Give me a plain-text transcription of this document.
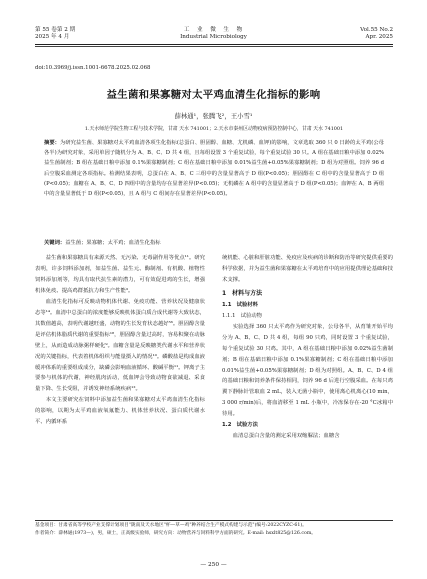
第 55 卷第 2 期
2025 年 4 月
工　业　微　生　物
Industrial Microbiology
Vol.55 No.2
Apr. 2025
doi:10.3969/j.issn.1001-6678.2025.02.068
益生菌和果寡糖对太平鸡血清生化指标的影响
薛林通¹，张腾飞²，王小雪¹
1.天水师范学院生物工程与技术学院，甘肃 天水 741001；2.天水市秦州区动物疫病预防控制中心，甘肃 天水 741001
摘要：为研究益生菌、果寡糖对太平鸡血清各项生化指标(总蛋白、胆固醇、血糖、尤机磷、血钾)的影响，文章选取 360 只 0 日龄的太平鸡(公母各半)为研究对象，采用单因子随机分为 A、B、C、D 共 4 组，且每组设置 3 个重复试验，每个重复试验 30 只。A 组在基础日粮中添加 0.02%益生菌制剂；B 组在基础日粮中添加 0.1%果寡糖制剂；C 组在基础日粮中添加 0.01%益生菌+0.05%果寡糖制剂；D 组为对照组。饲养 96 d 后空腹采血测定各项指标。检测结果表明，总蛋白在 A、B、C 三组中的含量显著高于 D 组(P<0.05)；胆固醇在 C 组中的含量显著高于 D 组(P<0.05)；血糖在 A、B、C、D 四组中的含量均存在显著差异(P<0.05)；无机磷在 A 组中的含量显著高于 D 组(P<0.05)；血钾在 A、B 两组中的含量显著低于 D 组(P<0.05)，且 A 组与 C 组间存在显著差异(P<0.05)。
关键词：益生菌；果寡糖；太平鸡；血清生化指标

益生菌和果寡糖具有来源天然、无污染、无毒副作用等优点¹¹。研究表明，许多饲料添加剂，如益生菌、益生元、酶制剂、有机酸、植物性饲料添加剂等，均具有取代抗生素的潜力，可有效促进鸡的生长，增强机体免疫、提高鸡群抵抗力和生产性能³。

血清生化指标可反映动物机体代谢、免疫功能、营养状况及健康状态等¹⁴。血清中总蛋白的浓度能够反映机体蛋白质合成代谢等大致状态，其数值越高，表明代谢越旺盛，动物的生长发育状态越好⁵⁶。胆固醇含量是评估机体脂质代谢的重要指标¹⁸，胆固醇含量过高时，容易积聚在动脉壁上，从而造成动脉粥样硬化⁹。血糖含量是反映糖类代谢水平和营养状况的关键指标，代表着机体组织与能量摄入的情况¹⁰。磷酸盐是构成血液缓冲体系的重要组成成分，缺磷会影响血液循环、酸碱平衡¹¹。钾离子主要参与机体的代谢，神经肌肉活动，低血钾会导致动物食欲减退、采食量下降、生长受阻，并诱发神经系统疾病¹²。

本文主要研究在饲料中添加益生菌和果寡糖对太平鸡血清生化指标的影响，以期为太平鸡血液氧氟能力、机体营养状况、蛋白质代谢水平、内循环系

统机能、心脏和肝脏功能、免疫应及疾病的诊断和防治等研究提供重要的科学依据，并为益生菌和果寡糖在太平鸡培育中的应用提供理论基础和技术支撑。

1　材料与方法

1.1　试验材料

1.1.1　试验动物

实验选择 360 只太平鸡作为研究对象，公母各半，从育雏开始平均分为 A、B、C、D 共 4 组，每组 90 只鸡，同时设置 3 个重复试验，每个重复试验 30 只鸡。其中，A 组在基础日粮中添加 0.02%益生菌制剂；B 组在基础日粮中添加 0.1%果寡糖制剂；C 组在基础日粮中添加 0.01%益生菌+0.05%果寡糖制剂；D 组为对照组。A、B、C、D 4 组的基础日粮和饲养条件保持相同，饲养 96 d 后进行空腹采血。在每只鸡翼下静脉针管取血 2 mL，装入无菌小瓶中，使用离心机离心(10 min，3 000 r/min)后，将血清移至 1 mL 小瓶中，冷冻保存在-20 °C冰箱中待用。

1.2　试验方法

血清总蛋白含量的测定采用双缩脲法；血糖含

基金项目：甘肃省高等学校产业支撑计划项目"陇南及天水地区"杯—草—鸡"种养结合生产模式构建与示范"(编号:2022CYZC-61)。
作者简介：薛林通(1973—)，男，硕士，正高级实验师，研究方向：动物营养与饲料科学方面的研究。E-mail: hsxlt825@126.com。
— 250 —
